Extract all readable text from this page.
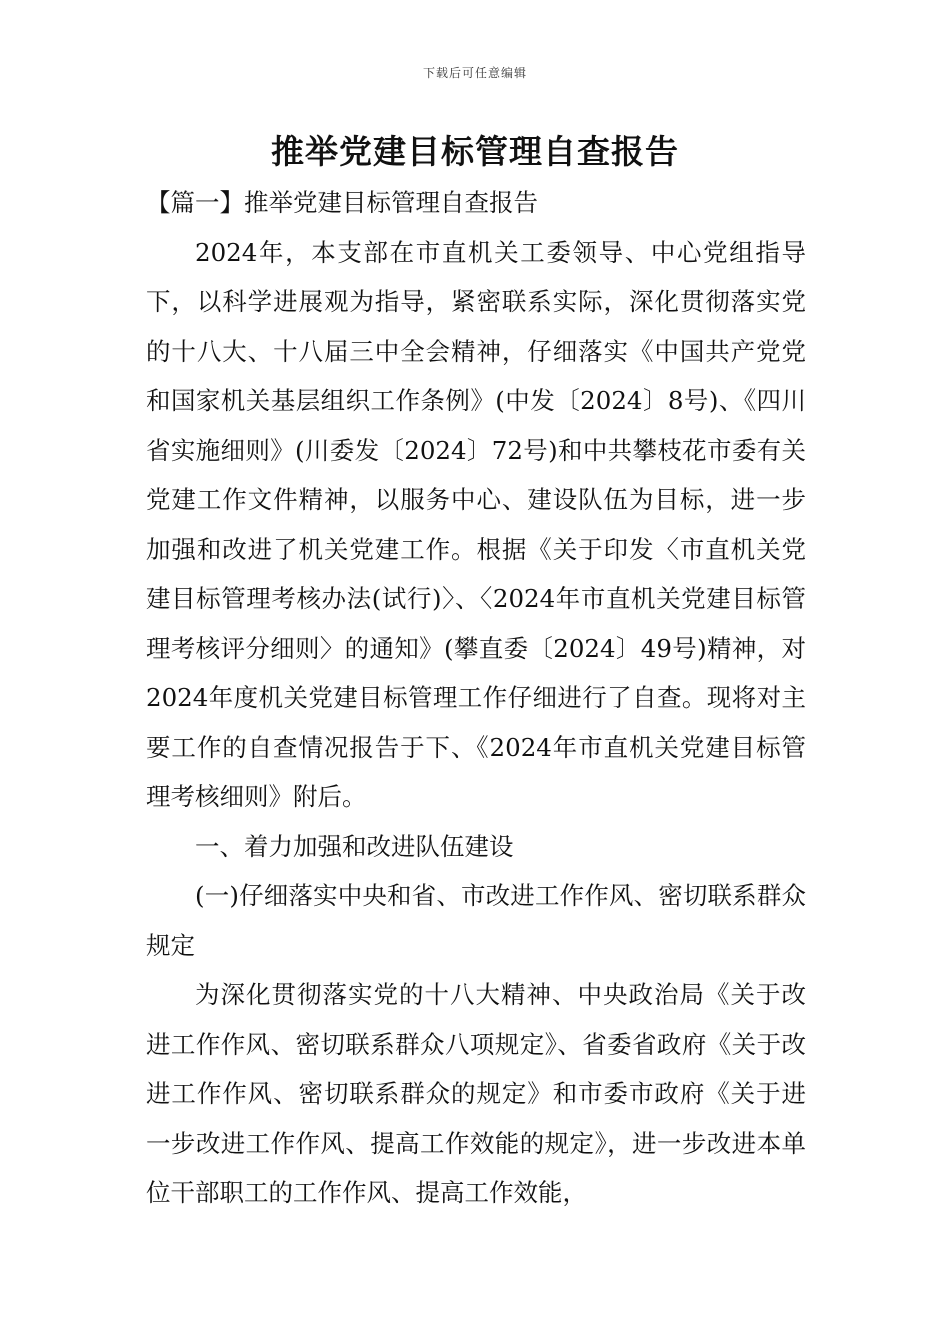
下载后可任意编辑
推举党建目标管理自查报告

【篇一】推举党建目标管理自查报告

2024年，本支部在市直机关工委领导、中心党组指导下，以科学进展观为指导，紧密联系实际，深化贯彻落实党的十八大、十八届三中全会精神，仔细落实《中国共产党党和国家机关基层组织工作条例》(中发〔2024〕8号)、《四川省实施细则》(川委发〔2024〕72号)和中共攀枝花市委有关党建工作文件精神，以服务中心、建设队伍为目标，进一步加强和改进了机关党建工作。根据《关于印发〈市直机关党建目标管理考核办法(试行)〉、〈2024年市直机关党建目标管理考核评分细则〉的通知》(攀直委〔2024〕49号)精神，对2024年度机关党建目标管理工作仔细进行了自查。现将对主要工作的自查情况报告于下、《2024年市直机关党建目标管理考核细则》附后。

一、着力加强和改进队伍建设

(一)仔细落实中央和省、市改进工作作风、密切联系群众规定

为深化贯彻落实党的十八大精神、中央政治局《关于改进工作作风、密切联系群众八项规定》、省委省政府《关于改进工作作风、密切联系群众的规定》和市委市政府《关于进一步改进工作作风、提高工作效能的规定》，进一步改进本单位干部职工的工作作风、提高工作效能，
